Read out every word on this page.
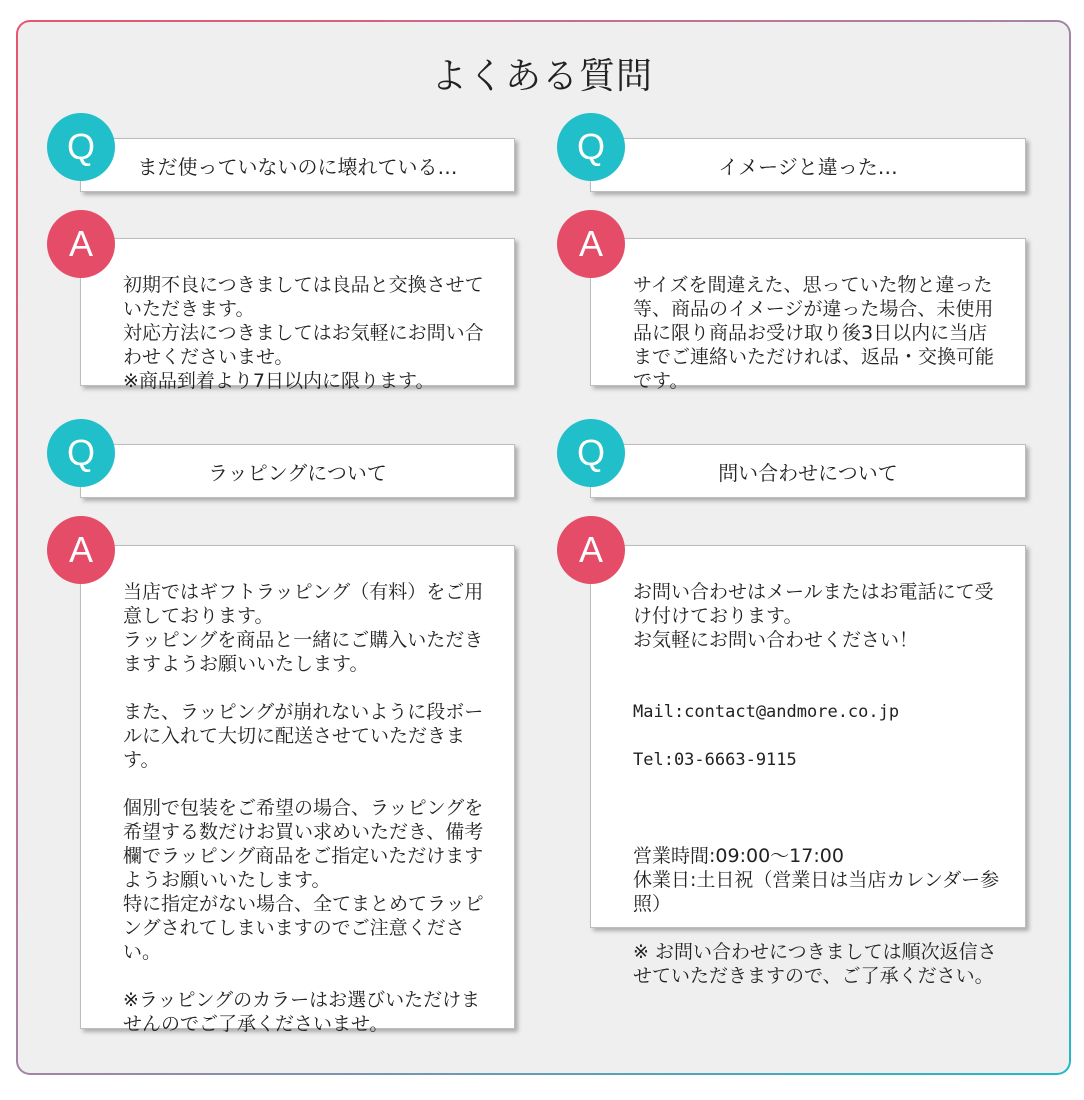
よくある質問
まだ使っていないのに壊れている…
Q

初期不良につきましては良品と交換させていただきます。
対応方法につきましてはお気軽にお問い合わせくださいませ。
※商品到着より7日以内に限ります。

A
イメージと違った…
Q

サイズを間違えた、思っていた物と違った等、商品のイメージが違った場合、未使用品に限り商品お受け取り後3日以内に当店までご連絡いただければ、返品・交換可能です。

A
ラッピングについて
Q

当店ではギフトラッピング（有料）をご用意しております。
ラッピングを商品と一緒にご購入いただきますようお願いいたします。

また、ラッピングが崩れないように段ボールに入れて大切に配送させていただきます。

個別で包装をご希望の場合、ラッピングを希望する数だけお買い求めいただき、備考欄でラッピング商品をご指定いただけますようお願いいたします。
特に指定がない場合、全てまとめてラッピングされてしまいますのでご注意ください。

※ラッピングのカラーはお選びいただけませんのでご了承くださいませ。

A
問い合わせについて
Q

お問い合わせはメールまたはお電話にて受け付けております。
お気軽にお問い合わせください！

Mail:contact@andmore.co.jp

Tel:03-6663-9115

営業時間:09:00～17:00
休業日:土日祝（営業日は当店カレンダー参照）

※ お問い合わせにつきましては順次返信させていただきますので、ご了承ください。

A
